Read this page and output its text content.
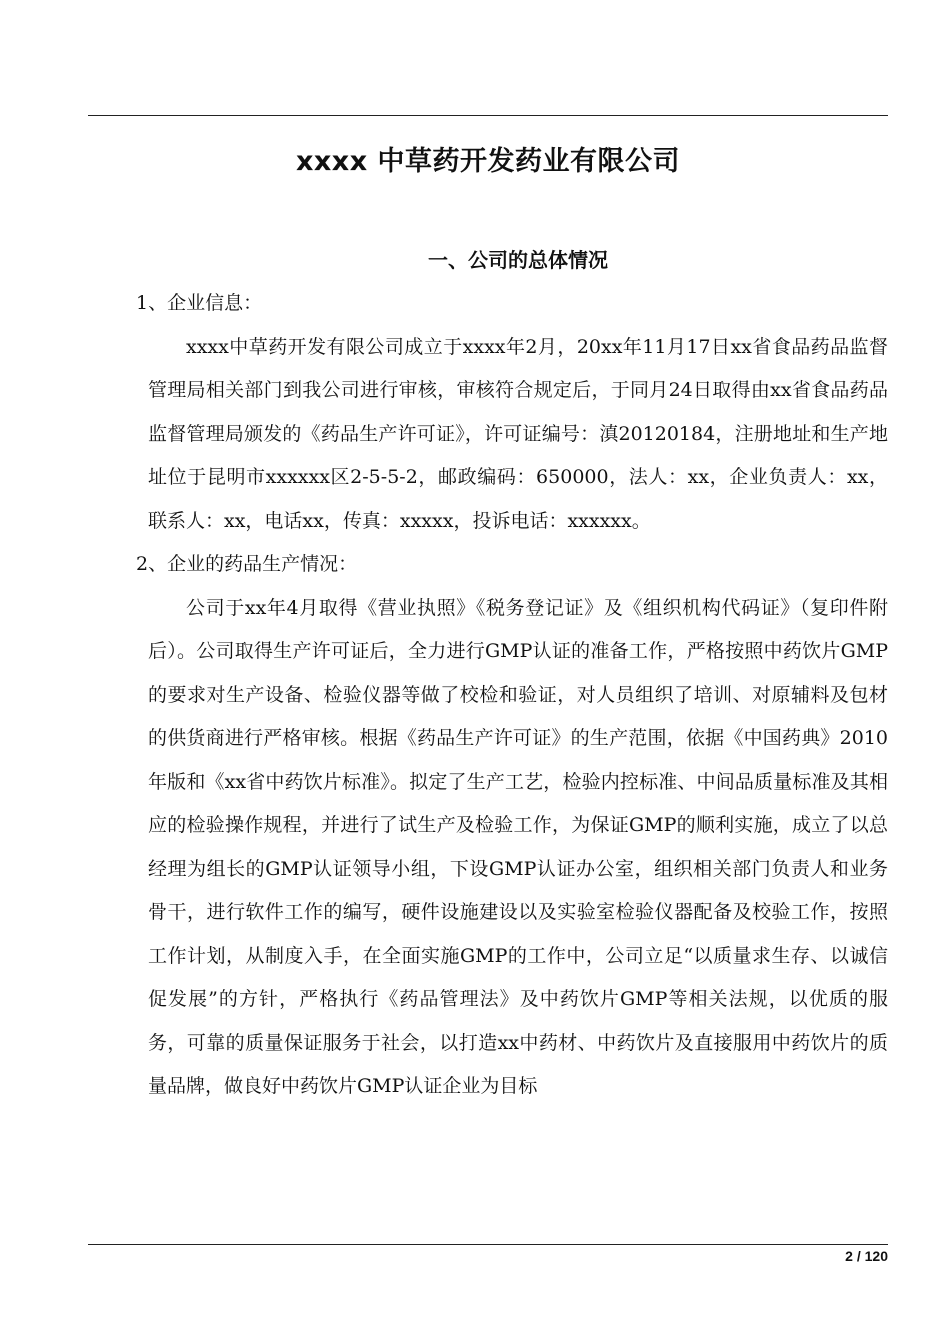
xxxx 中草药开发药业有限公司
一、公司的总体情况

1、企业信息：

xxxx中草药开发有限公司成立于xxxx年2月，20xx年11月17日xx省食品药品监督管理局相关部门到我公司进行审核，审核符合规定后，于同月24日取得由xx省食品药品监督管理局颁发的《药品生产许可证》，许可证编号：滇20120184，注册地址和生产地址位于昆明市xxxxxx区2-5-5-2，邮政编码：650000，法人：xx，企业负责人：xx，联系人：xx，电话xx，传真：xxxxx，投诉电话：xxxxxx。

2、企业的药品生产情况：

公司于xx年4月取得《营业执照》《税务登记证》及《组织机构代码证》（复印件附后）。公司取得生产许可证后，全力进行GMP认证的准备工作，严格按照中药饮片GMP的要求对生产设备、检验仪器等做了校检和验证，对人员组织了培训、对原辅料及包材的供货商进行严格审核。根据《药品生产许可证》的生产范围，依据《中国药典》2010年版和《xx省中药饮片标准》。拟定了生产工艺，检验内控标准、中间品质量标准及其相应的检验操作规程，并进行了试生产及检验工作，为保证GMP的顺利实施，成立了以总经理为组长的GMP认证领导小组，下设GMP认证办公室，组织相关部门负责人和业务骨干，进行软件工作的编写，硬件设施建设以及实验室检验仪器配备及校验工作，按照工作计划，从制度入手，在全面实施GMP的工作中，公司立足“以质量求生存、以诚信促发展”的方针，严格执行《药品管理法》及中药饮片GMP等相关法规，以优质的服务，可靠的质量保证服务于社会，以打造xx中药材、中药饮片及直接服用中药饮片的质量品牌，做良好中药饮片GMP认证企业为目标

2 / 120
